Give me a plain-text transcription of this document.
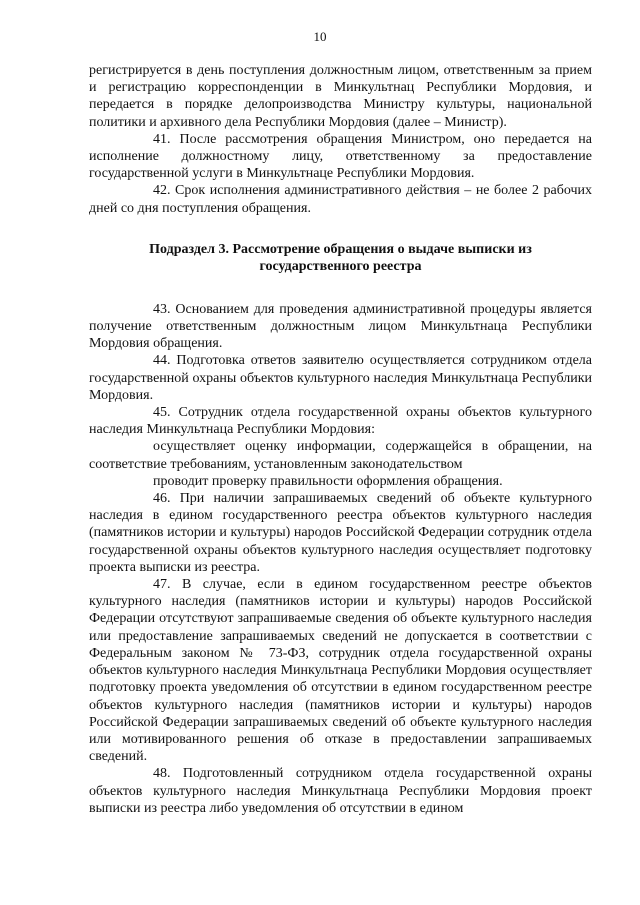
10

регистрируется в день поступления должностным лицом, ответственным за прием и регистрацию корреспонденции в Минкультнац Республики Мордовия, и передается в порядке делопроизводства Министру культуры, национальной политики и архивного дела Республики Мордовия (далее – Министр).

41. После рассмотрения обращения Министром, оно передается на исполнение должностному лицу, ответственному за предоставление государственной услуги в Минкультнаце Республики Мордовия.

42. Срок исполнения административного действия – не более 2 рабочих дней со дня поступления обращения.

Подраздел 3. Рассмотрение обращения о выдаче выписки из государственного реестра

43. Основанием для проведения административной процедуры является получение ответственным должностным лицом Минкультнаца Республики Мордовия обращения.

44. Подготовка ответов заявителю осуществляется сотрудником отдела государственной охраны объектов культурного наследия Минкультнаца Республики Мордовия.

45. Сотрудник отдела государственной охраны объектов культурного наследия Минкультнаца Республики Мордовия:

осуществляет оценку информации, содержащейся в обращении, на соответствие требованиям, установленным законодательством

проводит проверку правильности оформления обращения.

46. При наличии запрашиваемых сведений об объекте культурного наследия в едином государственного реестра объектов культурного наследия (памятников истории и культуры) народов Российской Федерации сотрудник отдела государственной охраны объектов культурного наследия осуществляет подготовку проекта выписки из реестра.

47. В случае, если в едином государственном реестре объектов культурного наследия (памятников истории и культуры) народов Российской Федерации отсутствуют запрашиваемые сведения об объекте культурного наследия или предоставление запрашиваемых сведений не допускается в соответствии с Федеральным законом № 73-ФЗ, сотрудник отдела государственной охраны объектов культурного наследия Минкультнаца Республики Мордовия осуществляет подготовку проекта уведомления об отсутствии в едином государственном реестре объектов культурного наследия (памятников истории и культуры) народов Российской Федерации запрашиваемых сведений об объекте культурного наследия или мотивированного решения об отказе в предоставлении запрашиваемых сведений.

48. Подготовленный сотрудником отдела государственной охраны объектов культурного наследия Минкультнаца Республики Мордовия проект выписки из реестра либо уведомления об отсутствии в едином
